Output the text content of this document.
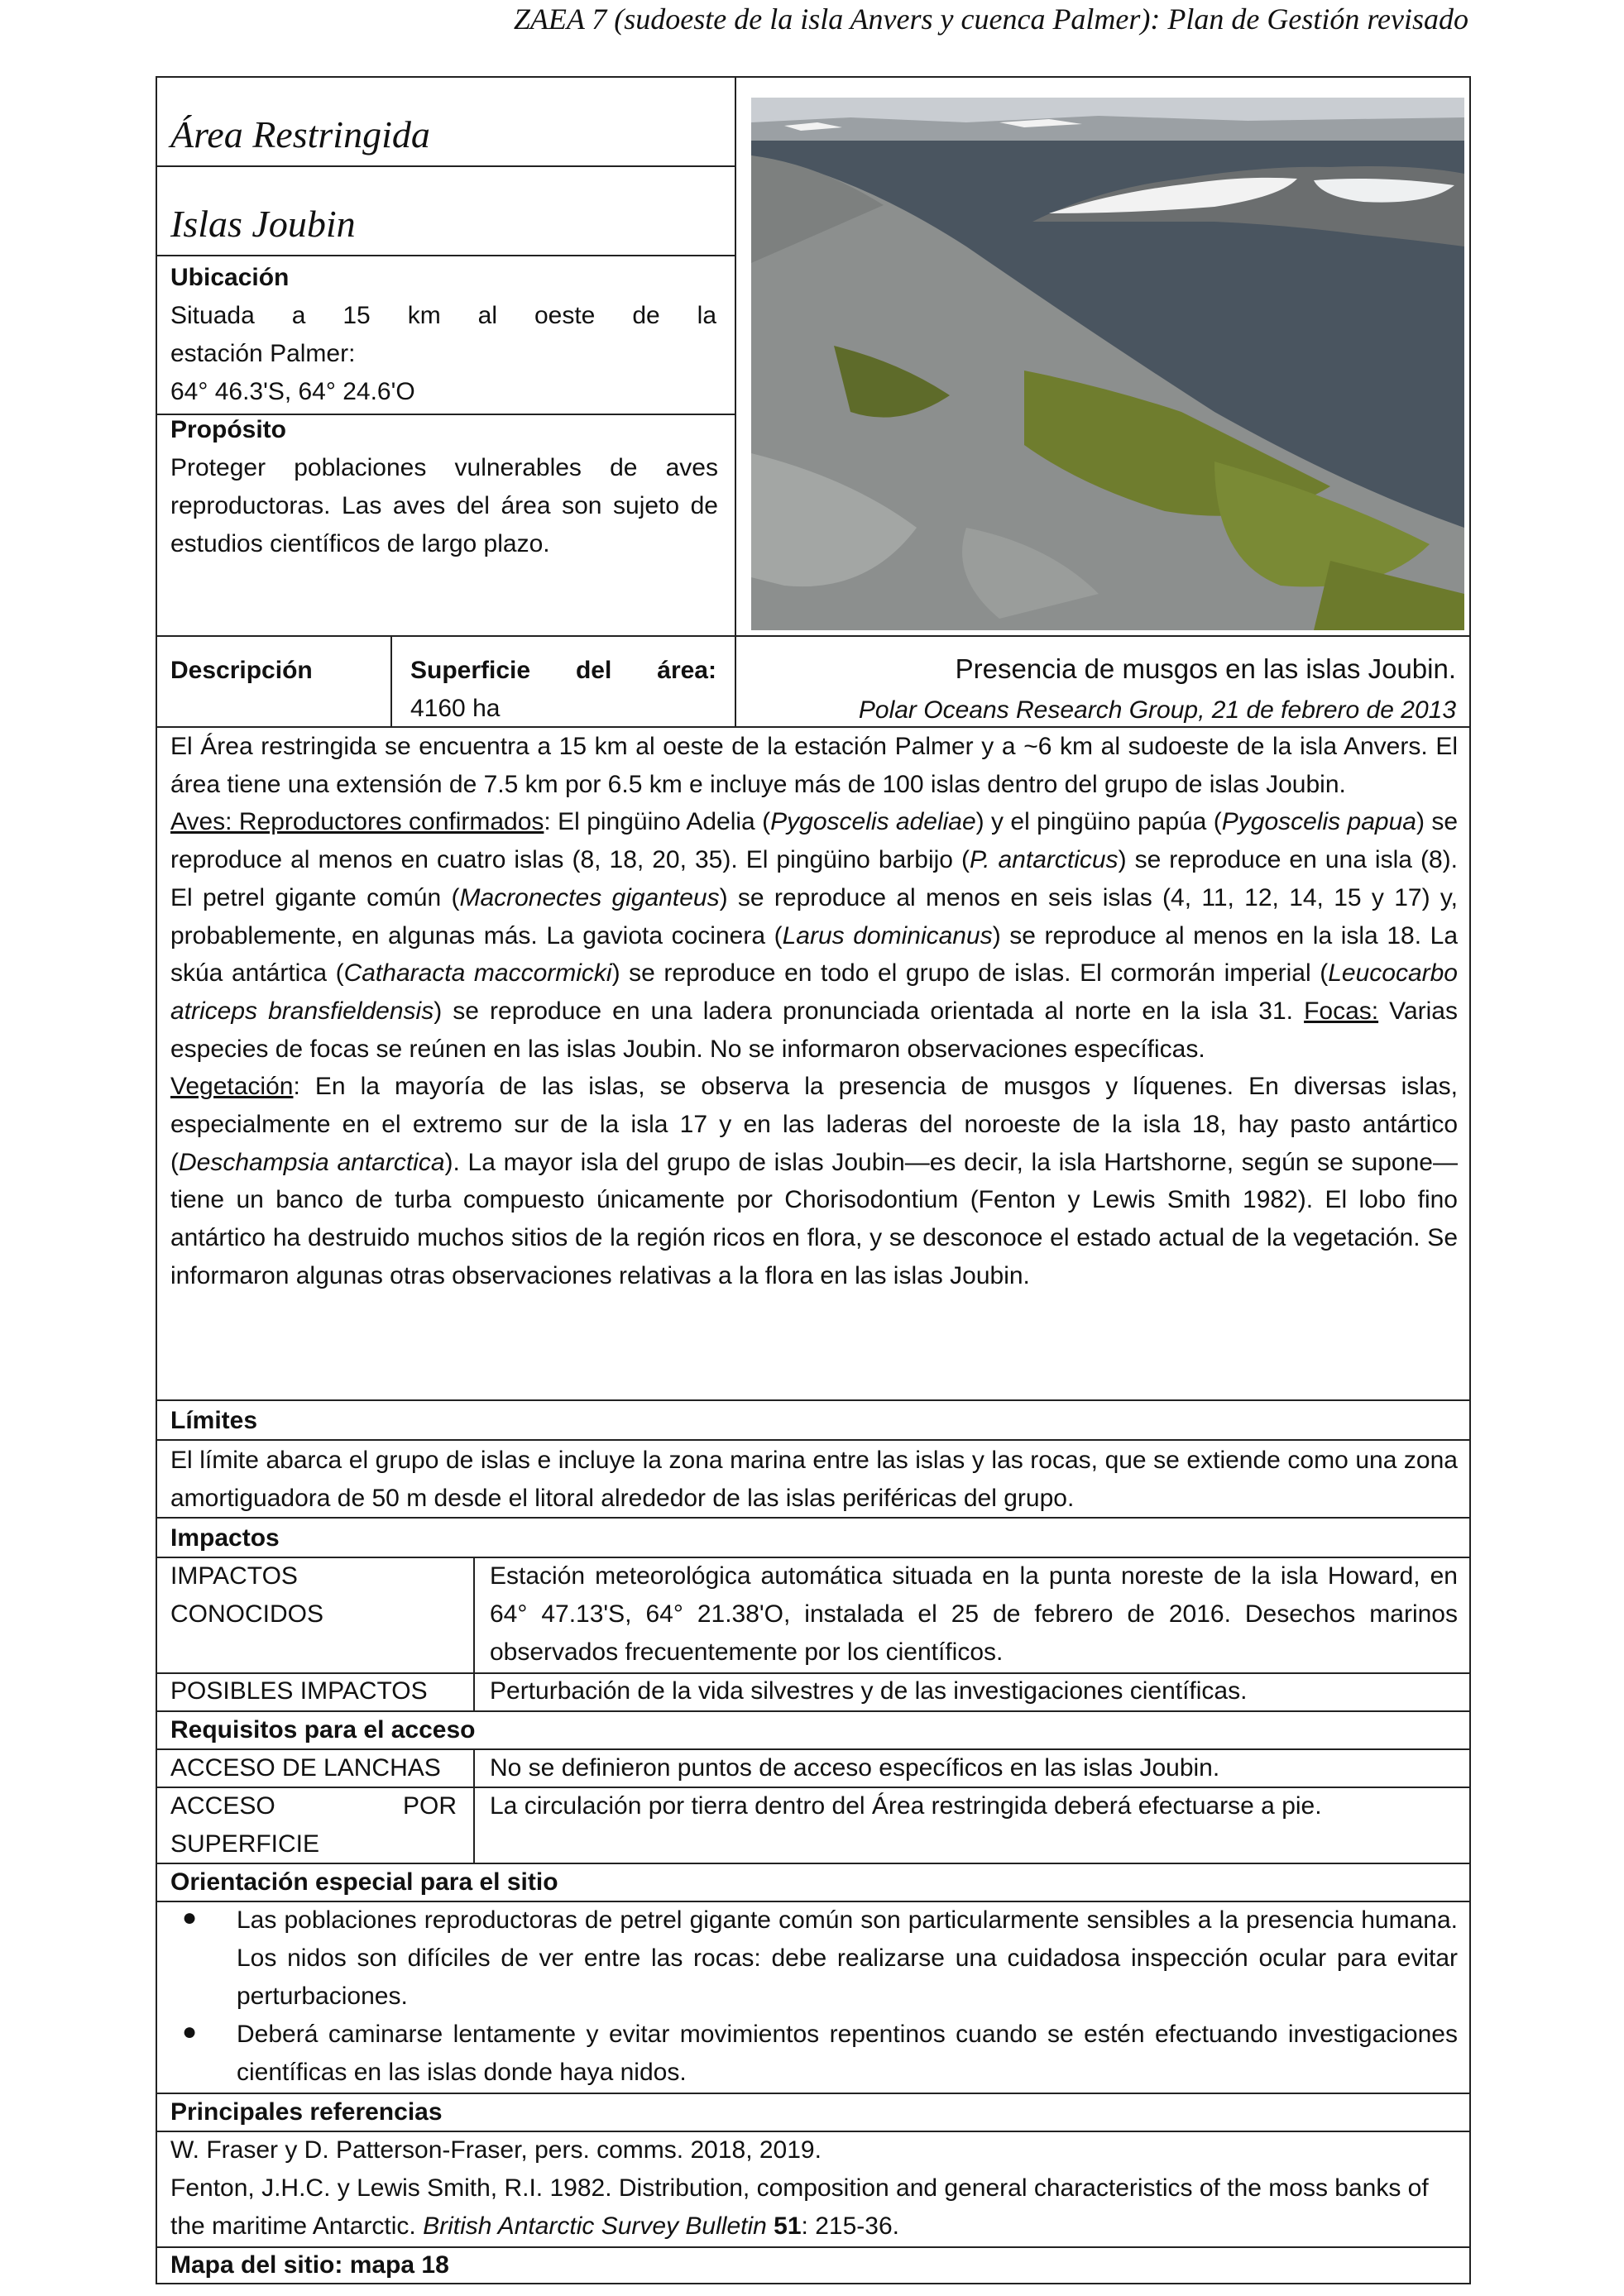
ZAEA 7 (sudoeste de la isla Anvers y cuenca Palmer): Plan de Gestión revisado
Área Restringida
Islas Joubin
Ubicación
Situada a 15 km al oeste de la
estación Palmer:
64° 46.3'S, 64° 24.6'O
Propósito
Proteger poblaciones vulnerables de aves reproductoras. Las aves del área son sujeto de estudios científicos de largo plazo.
Presencia de musgos en las islas Joubin.
Polar Oceans Research Group, 21 de febrero de 2013
Descripción	Superficie del área:
4160 ha
El Área restringida se encuentra a 15 km al oeste de la estación Palmer y a ~6 km al sudoeste de la isla Anvers. El área tiene una extensión de 7.5 km por 6.5 km e incluye más de 100 islas dentro del grupo de islas Joubin.
Aves: Reproductores confirmados: El pingüino Adelia (Pygoscelis adeliae) y el pingüino papúa (Pygoscelis papua) se reproduce al menos en cuatro islas (8, 18, 20, 35). El pingüino barbijo (P. antarcticus) se reproduce en una isla (8). El petrel gigante común (Macronectes giganteus) se reproduce al menos en seis islas (4, 11, 12, 14, 15 y 17) y, probablemente, en algunas más. La gaviota cocinera (Larus dominicanus) se reproduce al menos en la isla 18. La skúa antártica (Catharacta maccormicki) se reproduce en todo el grupo de islas. El cormorán imperial (Leucocarbo atriceps bransfieldensis) se reproduce en una ladera pronunciada orientada al norte en la isla 31. Focas: Varias especies de focas se reúnen en las islas Joubin. No se informaron observaciones específicas.
Vegetación: En la mayoría de las islas, se observa la presencia de musgos y líquenes. En diversas islas, especialmente en el extremo sur de la isla 17 y en las laderas del noroeste de la isla 18, hay pasto antártico (Deschampsia antarctica). La mayor isla del grupo de islas Joubin—es decir, la isla Hartshorne, según se supone— tiene un banco de turba compuesto únicamente por Chorisodontium (Fenton y Lewis Smith 1982). El lobo fino antártico ha destruido muchos sitios de la región ricos en flora, y se desconoce el estado actual de la vegetación. Se informaron algunas otras observaciones relativas a la flora en las islas Joubin.
Límites
El límite abarca el grupo de islas e incluye la zona marina entre las islas y las rocas, que se extiende como una zona amortiguadora de 50 m desde el litoral alrededor de las islas periféricas del grupo.
Impactos
IMPACTOS CONOCIDOS
Estación meteorológica automática situada en la punta noreste de la isla Howard, en 64° 47.13'S, 64° 21.38'O, instalada el 25 de febrero de 2016. Desechos marinos observados frecuentemente por los científicos.
POSIBLES IMPACTOS	Perturbación de la vida silvestres y de las investigaciones científicas.
Requisitos para el acceso
ACCESO DE LANCHAS No se definieron puntos de acceso específicos en las islas Joubin.
ACCESO POR SUPERFICIE
La circulación por tierra dentro del Área restringida deberá efectuarse a pie.
Orientación especial para el sitio
● Las poblaciones reproductoras de petrel gigante común son particularmente sensibles a la presencia humana. Los nidos son difíciles de ver entre las rocas: debe realizarse una cuidadosa inspección ocular para evitar perturbaciones.
● Deberá caminarse lentamente y evitar movimientos repentinos cuando se estén efectuando investigaciones científicas en las islas donde haya nidos.
Principales referencias
W. Fraser y D. Patterson-Fraser, pers. comms. 2018, 2019.
Fenton, J.H.C. y Lewis Smith, R.I. 1982. Distribution, composition and general characteristics of the moss banks of the maritime Antarctic. British Antarctic Survey Bulletin 51: 215-36.
Mapa del sitio: mapa 18
